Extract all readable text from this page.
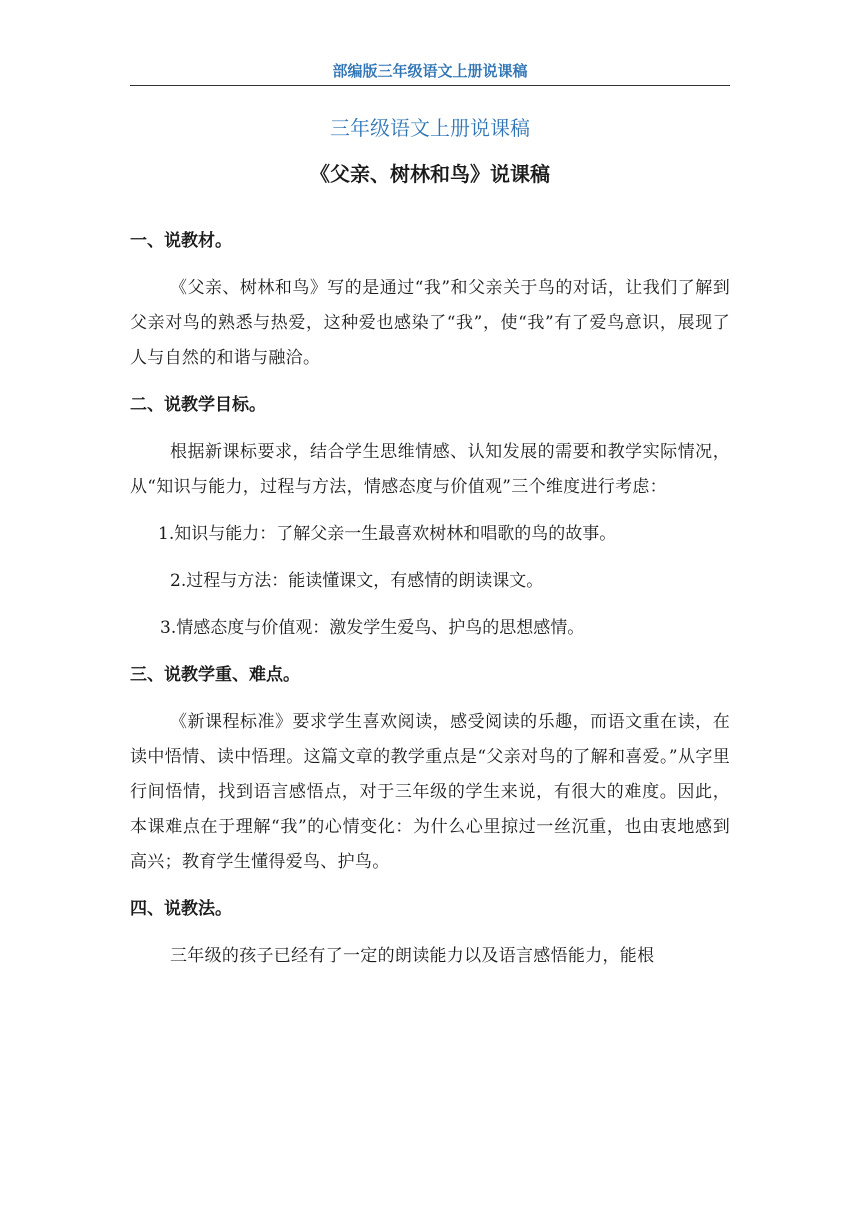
部编版三年级语文上册说课稿
三年级语文上册说课稿
《父亲、树林和鸟》说课稿
一、说教材。

《父亲、树林和鸟》写的是通过“我”和父亲关于鸟的对话，让我们了解到父亲对鸟的熟悉与热爱，这种爱也感染了“我”，使“我”有了爱鸟意识，展现了人与自然的和谐与融洽。

二、说教学目标。

根据新课标要求，结合学生思维情感、认知发展的需要和教学实际情况，从“知识与能力，过程与方法，情感态度与价值观”三个维度进行考虑：

1.知识与能力：了解父亲一生最喜欢树林和唱歌的鸟的故事。
2.过程与方法：能读懂课文，有感情的朗读课文。
3.情感态度与价值观：激发学生爱鸟、护鸟的思想感情。
三、说教学重、难点。

《新课程标准》要求学生喜欢阅读，感受阅读的乐趣，而语文重在读，在读中悟情、读中悟理。这篇文章的教学重点是“父亲对鸟的了解和喜爱。”从字里行间悟情，找到语言感悟点，对于三年级的学生来说，有很大的难度。因此，本课难点在于理解“我”的心情变化：为什么心里掠过一丝沉重，也由衷地感到高兴；教育学生懂得爱鸟、护鸟。

四、说教法。

三年级的孩子已经有了一定的朗读能力以及语言感悟能力，能根
